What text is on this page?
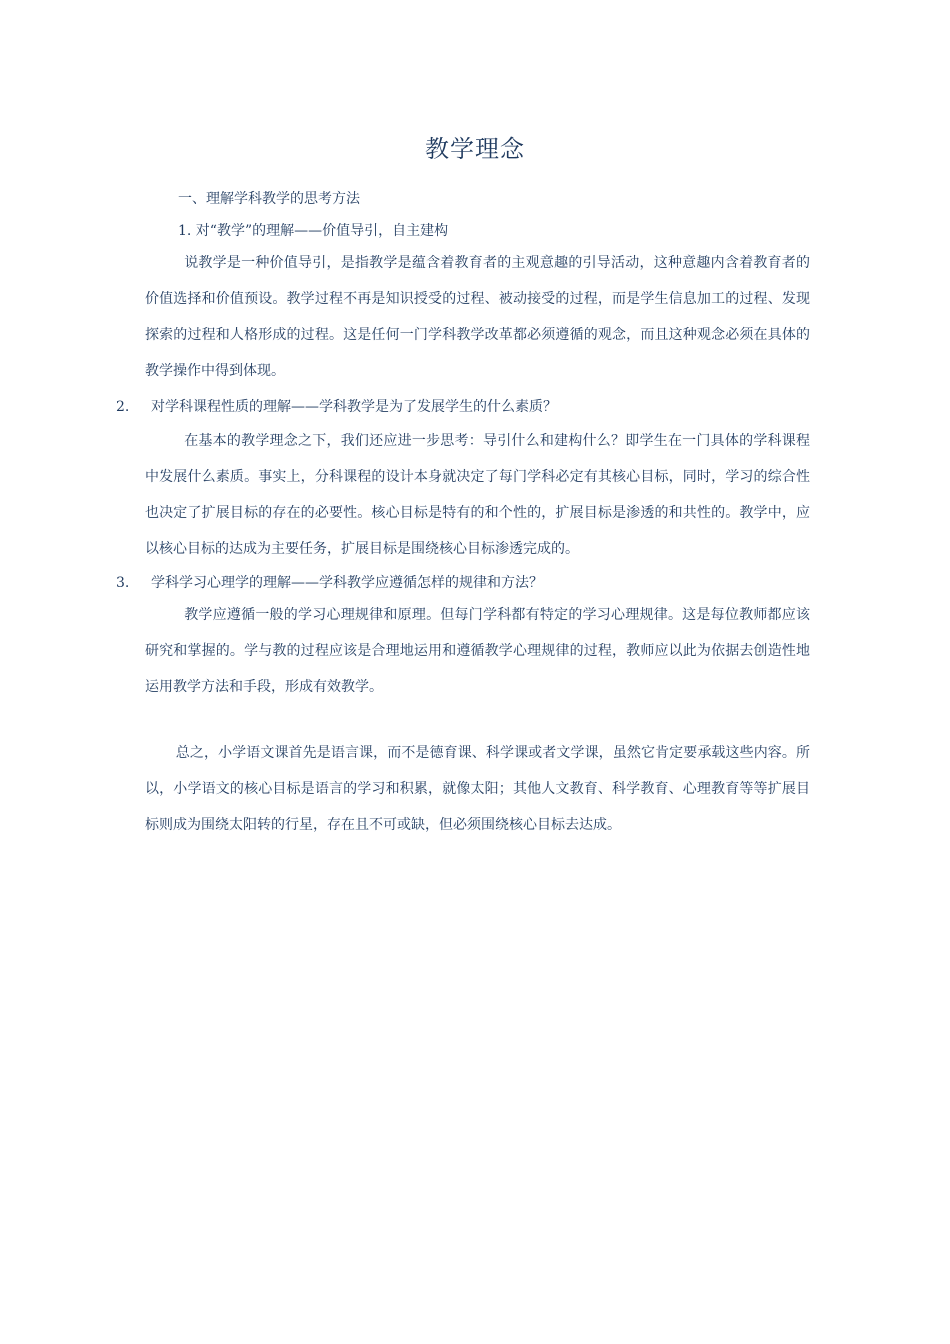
教学理念
一、理解学科教学的思考方法
1. 对“教学”的理解——价值导引，自主建构

说教学是一种价值导引，是指教学是蕴含着教育者的主观意趣的引导活动，这种意趣内含着教育者的价值选择和价值预设。教学过程不再是知识授受的过程、被动接受的过程，而是学生信息加工的过程、发现探索的过程和人格形成的过程。这是任何一门学科教学改革都必须遵循的观念，而且这种观念必须在具体的教学操作中得到体现。

2. 对学科课程性质的理解——学科教学是为了发展学生的什么素质？

在基本的教学理念之下，我们还应进一步思考：导引什么和建构什么？即学生在一门具体的学科课程中发展什么素质。事实上，分科课程的设计本身就决定了每门学科必定有其核心目标，同时，学习的综合性也决定了扩展目标的存在的必要性。核心目标是特有的和个性的，扩展目标是渗透的和共性的。教学中，应以核心目标的达成为主要任务，扩展目标是围绕核心目标渗透完成的。

3. 学科学习心理学的理解——学科教学应遵循怎样的规律和方法？

教学应遵循一般的学习心理规律和原理。但每门学科都有特定的学习心理规律。这是每位教师都应该研究和掌握的。学与教的过程应该是合理地运用和遵循教学心理规律的过程，教师应以此为依据去创造性地运用教学方法和手段，形成有效教学。

总之，小学语文课首先是语言课，而不是德育课、科学课或者文学课，虽然它肯定要承载这些内容。所以，小学语文的核心目标是语言的学习和积累，就像太阳；其他人文教育、科学教育、心理教育等等扩展目标则成为围绕太阳转的行星，存在且不可或缺，但必须围绕核心目标去达成。
